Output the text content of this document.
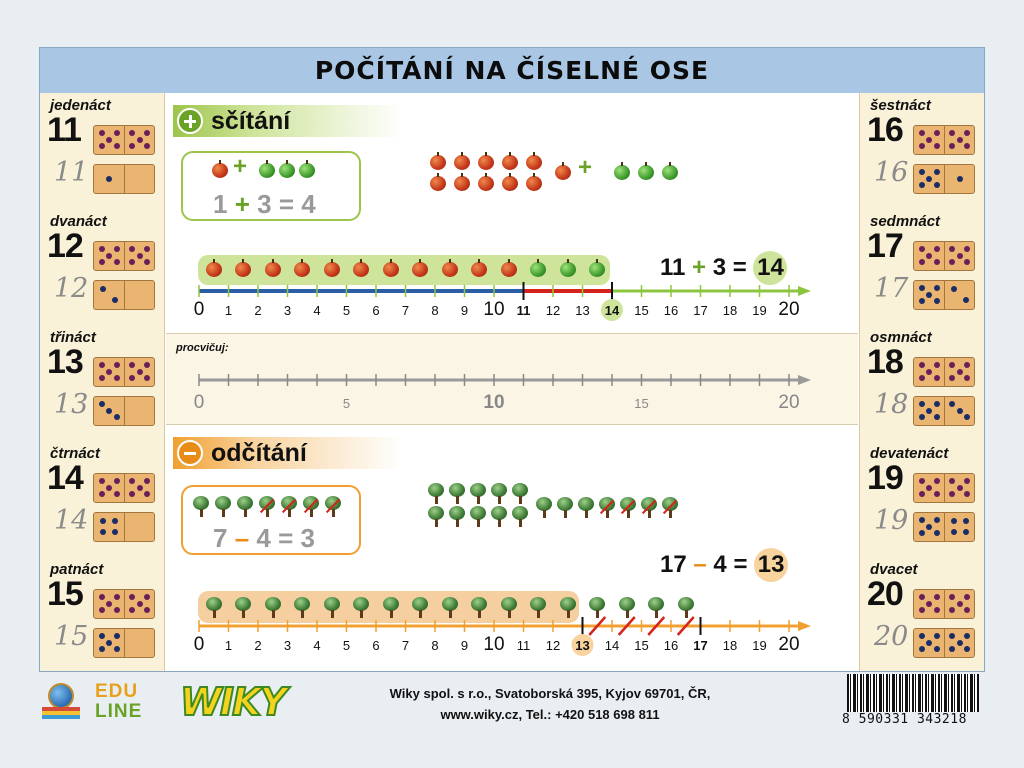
POČÍTÁNÍ NA ČÍSELNÉ OSE
jedenáct
11
11
dvanáct
12
12
třináct
13
13
čtrnáct
14
14
patnáct
15
15
šestnáct
16
16
sedmnáct
17
17
osmnáct
18
18
devatenáct
19
19
dvacet
20
20
sčítání
+
1 + 3 = 4
+
11 + 3 = 14
0 1 2 3 4 5 6 7 8 9 10 11 12 13 14 15 16 17 18 19 20
procvičuj:
0	5	10	15	20
odčítání
7 – 4 = 3
17 – 4 = 13
0 1 2 3 4 5 6 7 8 9 10 11 12 13 14 15 16 17 18 19 20
EDU
LINE WIKY	Wiky spol. s r.o., Svatoborská 395, Kyjov 69701, ČR,
www.wiky.cz, Tel.: +420 518 698 811	8 590331 343218
